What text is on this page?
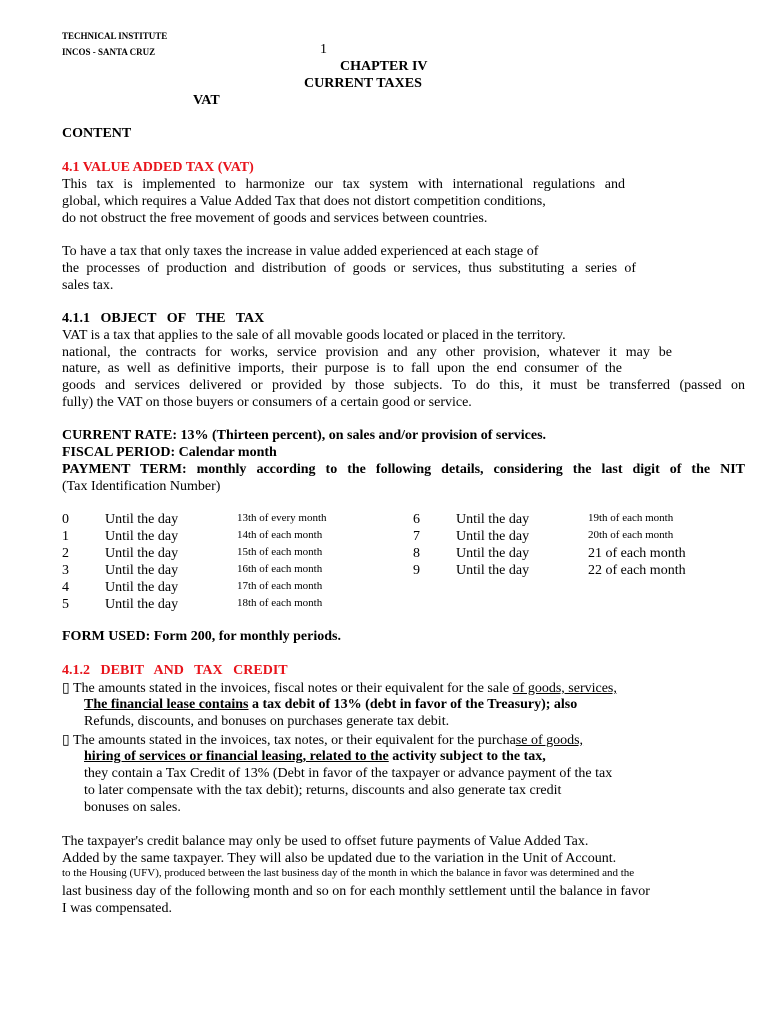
TECHNICAL INSTITUTE
INCOS - SANTA CRUZ	1
CHAPTER IV
CURRENT TAXES
VAT
CONTENT
4.1 VALUE ADDED TAX (VAT)
This tax is implemented to harmonize our tax system with international regulations and
global, which requires a Value Added Tax that does not distort competition conditions,
do not obstruct the free movement of goods and services between countries.
To have a tax that only taxes the increase in value added experienced at each stage of
the processes of production and distribution of goods or services, thus substituting a series of
sales tax.
4.1.1   OBJECT   OF   THE   TAX
VAT is a tax that applies to the sale of all movable goods located or placed in the territory.
national, the contracts for works, service provision and any other provision, whatever it may be
nature, as well as definitive imports, their purpose is to fall upon the end consumer of the
goods and services delivered or provided by those subjects. To do this, it must be transferred (passed on
fully) the VAT on those buyers or consumers of a certain good or service.
CURRENT RATE: 13% (Thirteen percent), on sales and/or provision of services.
FISCAL PERIOD: Calendar month
PAYMENT TERM: monthly according to the following details, considering the last digit of the NIT
(Tax Identification Number)
0	Until the day	13th of every month
1	Until the day	14th of each month
2	Until the day	15th of each month
3	Until the day	16th of each month
4	Until the day	17th of each month
5	Until the day	18th of each month
6	Until the day	19th of each month
7	Until the day	20th of each month
8	Until the day	21 of each month
9	Until the day	22 of each month
FORM USED: Form 200, for monthly periods.
4.1.2   DEBIT   AND   TAX   CREDIT
▯ The amounts stated in the invoices, fiscal notes or their equivalent for the sale of goods, services,
The financial lease contains a tax debit of 13% (debt in favor of the Treasury); also
Refunds, discounts, and bonuses on purchases generate tax debit.
▯ The amounts stated in the invoices, tax notes, or their equivalent for the purchase of goods,
hiring of services or financial leasing, related to the activity subject to the tax,
they contain a Tax Credit of 13% (Debt in favor of the taxpayer or advance payment of the tax
to later compensate with the tax debit); returns, discounts and also generate tax credit
bonuses on sales.
The taxpayer's credit balance may only be used to offset future payments of Value Added Tax.
Added by the same taxpayer. They will also be updated due to the variation in the Unit of Account.
to the Housing (UFV), produced between the last business day of the month in which the balance in favor was determined and the
last business day of the following month and so on for each monthly settlement until the balance in favor
I was compensated.
